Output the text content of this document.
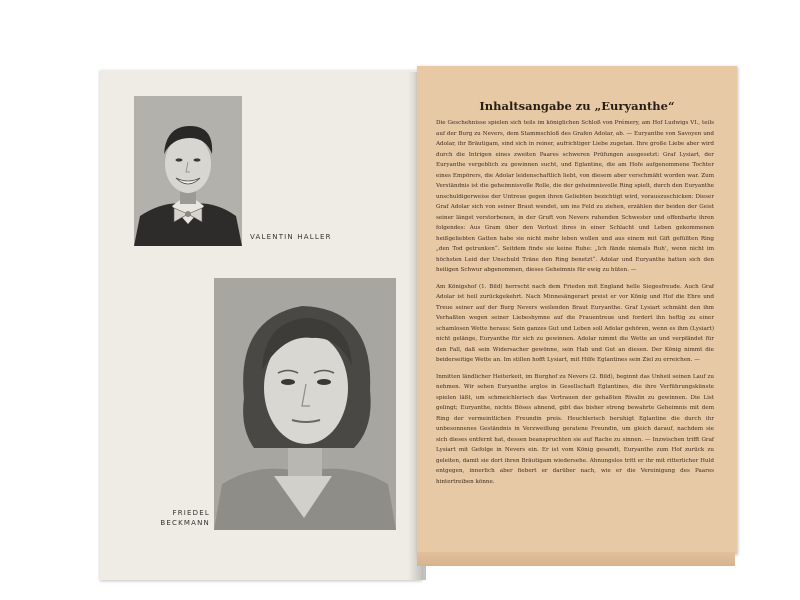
VALENTIN HALLER
FRIEDEL
BECKMANN
Inhaltsangabe zu „Euryanthe“

Die Geschehnisse spielen sich teils im königlichen Schloß von Prémery, am Hof Ludwigs VI., teils auf der Burg zu Nevers, dem Stammschloß des Grafen Adolar, ab. — Euryanthe von Savoyen und Adolar, ihr Bräutigam, sind sich in reiner, aufrichtiger Liebe zugetan. Ihre große Liebe aber wird durch die Intrigen eines zweiten Paares schweren Prüfungen ausgesetzt: Graf Lysiart, der Euryanthe vergeblich zu gewinnen sucht, und Eglantine, die am Hofe aufgenommene Tochter eines Empörers, die Adolar leidenschaftlich liebt, von diesem aber verschmäht worden war. Zum Verständnis ist die geheimnisvolle Rolle, die der geheimnisvolle Ring spielt, durch den Euryanthe unschuldigerweise der Untreue gegen ihren Geliebten bezichtigt wird, vorauszuschicken: Dieser Graf Adolar sich von seiner Braut wendet, um ins Feld zu ziehen, erzählen der beiden der Geist seiner längst verstorbenen, in der Gruft von Nevers ruhenden Schwester und offenbarte ihren folgendes: Aus Gram über den Verlust ihres in einer Schlacht und Leben gekommenen heißgeliebten Gatten habe sie nicht mehr leben wollen und aus einem mit Gift gefüllten Ring „den Tod getrunken“. Seitdem finde sie keine Ruhe: „Ich fände niemals Ruh’, wenn nicht im höchsten Leid der Unschuld Träne den Ring benetzt“. Adolar und Euryanthe hatten sich den heiligen Schwur abgenommen, dieses Geheimnis für ewig zu hüten. —

Am Königshof (1. Bild) herrscht nach dem Frieden mit England helle Siegesfreude. Auch Graf Adolar ist heil zurückgekehrt. Nach Minnesängerart preist er vor König und Hof die Ehre und Treue seiner auf der Burg Nevers weilenden Braut Euryanthe. Graf Lysiart schmäht den ihm Verhaßten wegen seiner Liebeshymne auf die Frauentreue und fordert ihn heftig zu einer schamlosen Wette heraus: Sein ganzes Gut und Leben soll Adolar gehören, wenn es ihm (Lysiart) nicht gelänge, Euryanthe für sich zu gewinnen. Adolar nimmt die Wette an und verpfändet für den Fall, daß sein Widersacher gewönne, sein Hab und Gut an diesen. Der König nimmt die beiderseitige Wette an. Im stillen hofft Lysiart, mit Hilfe Eglantines sein Ziel zu erreichen. —

Inmitten ländlicher Heiterkeit, im Burghof zu Nevers (2. Bild), beginnt das Unheil seinen Lauf zu nehmen. Wir sehen Euryanthe arglos in Gesellschaft Eglantines, die ihre Verführungskünste spielen läßt, um schmeichlerisch das Vertrauen der gehaßten Rivalin zu gewinnen. Die List gelingt; Euryanthe, nichts Böses ahnend, gibt das bisher streng bewahrte Geheimnis mit dem Ring der vermeintlichen Freundin preis. Heuchlerisch beruhigt Eglantine die durch ihr unbesonnenes Geständnis in Verzweiflung geratene Freundin, um gleich darauf, nachdem sie sich dieses entfernt hat, dessen beanspruchten sie auf Rache zu sinnen. — Inzwischen trifft Graf Lysiart mit Gefolge in Nevers ein. Er ist vom König gesandt, Euryanthe zum Hof zurück zu geleiten, damit sie dort ihren Bräutigam wiedersehe. Ahnungslos tritt er ihr mit ritterlicher Huld entgegen, innerlich aber fiebert er darüber nach, wie er die Vereinigung des Paares hintertreiben könne.
